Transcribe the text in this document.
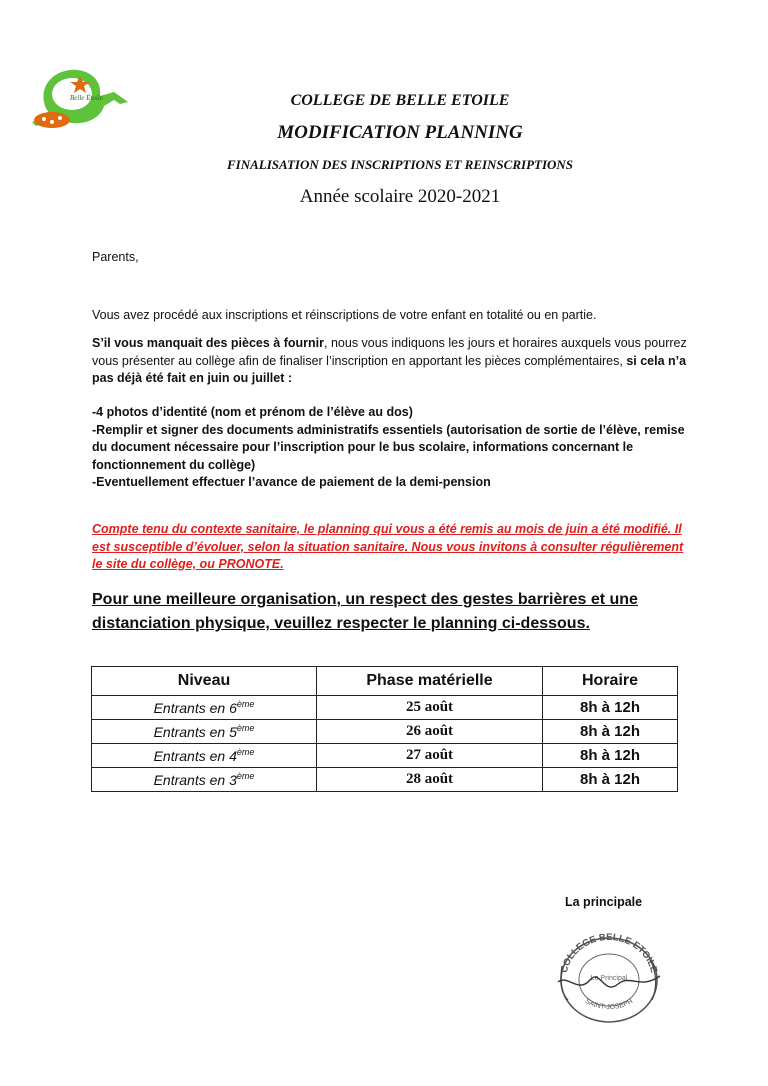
Belle Étoile	COLLEGE DE BELLE ETOILE
MODIFICATION PLANNING
FINALISATION DES INSCRIPTIONS ET REINSCRIPTIONS
Année scolaire 2020-2021
Parents,
Vous avez procédé aux inscriptions et réinscriptions de votre enfant en totalité ou en partie.
S’il vous manquait des pièces à fournir, nous vous indiquons les jours et horaires auxquels vous pourrez vous présenter au collège afin de finaliser l’inscription en apportant les pièces complémentaires, si cela n’a pas déjà été fait en juin ou juillet :
-4 photos d’identité (nom et prénom de l’élève au dos)
-Remplir et signer des documents administratifs essentiels (autorisation de sortie de l’élève, remise du document nécessaire pour l’inscription pour le bus scolaire, informations concernant le fonctionnement du collège)
-Eventuellement effectuer l’avance de paiement de la demi-pension
Compte tenu du contexte sanitaire, le planning qui vous a été remis au mois de juin a été modifié. Il est susceptible d’évoluer, selon la situation sanitaire. Nous vous invitons à consulter régulièrement le site du collège, ou PRONOTE.
Pour une meilleure organisation, un respect des gestes barrières et une distanciation physique, veuillez respecter le planning ci-dessous.
Niveau	Phase matérielle	Horaire
Entrants en 6ème	25 août	8h à 12h
Entrants en 5ème	26 août	8h à 12h
Entrants en 4ème	27 août	8h à 12h
Entrants en 3ème	28 août	8h à 12h
La principale
COLLEGE BELLE ETOILE
SAINT-JOSEPH
Le Principal
